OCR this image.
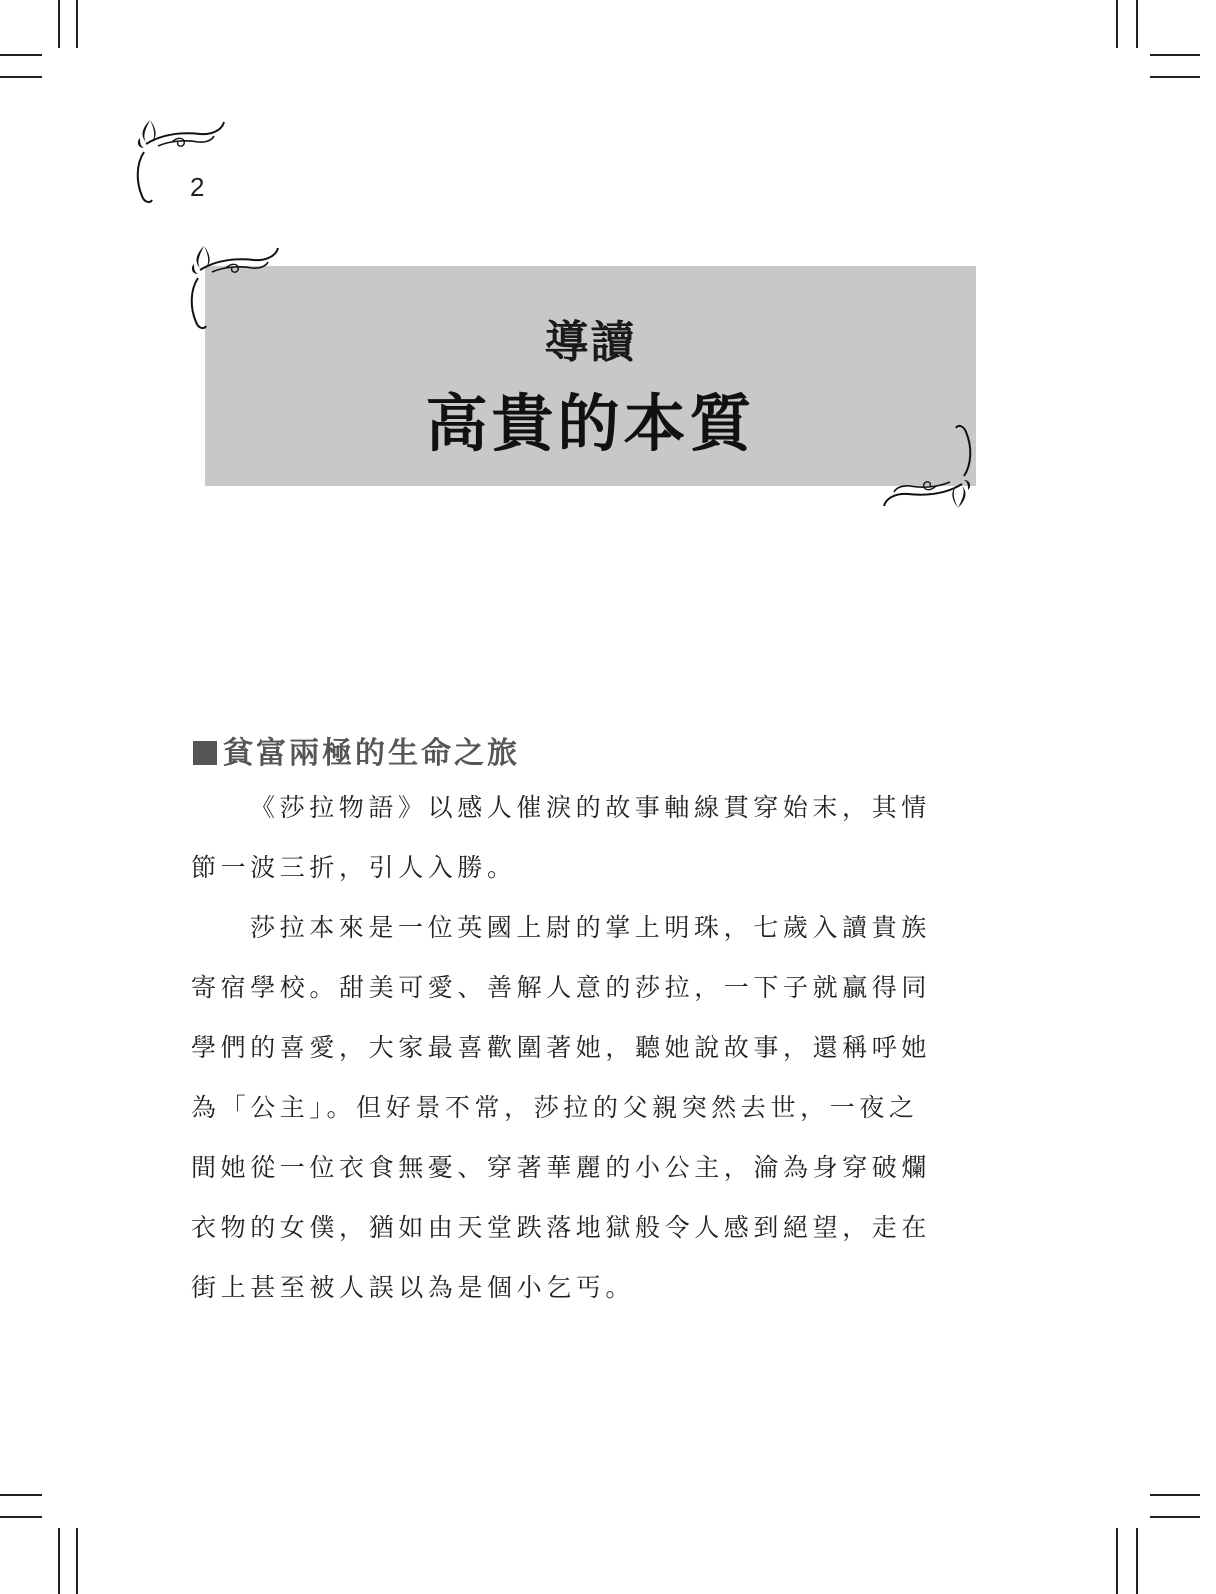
2
導讀
高貴的本質
貧富兩極的生命之旅
《莎拉物語》以感人催淚的故事軸線貫穿始末，其情
節一波三折，引人入勝。
莎拉本來是一位英國上尉的掌上明珠，七歲入讀貴族
寄宿學校。甜美可愛、善解人意的莎拉，一下子就贏得同
學們的喜愛，大家最喜歡圍著她，聽她說故事，還稱呼她
為「公主」。但好景不常，莎拉的父親突然去世，一夜之
間她從一位衣食無憂、穿著華麗的小公主，淪為身穿破爛
衣物的女僕，猶如由天堂跌落地獄般令人感到絕望，走在
街上甚至被人誤以為是個小乞丐。
